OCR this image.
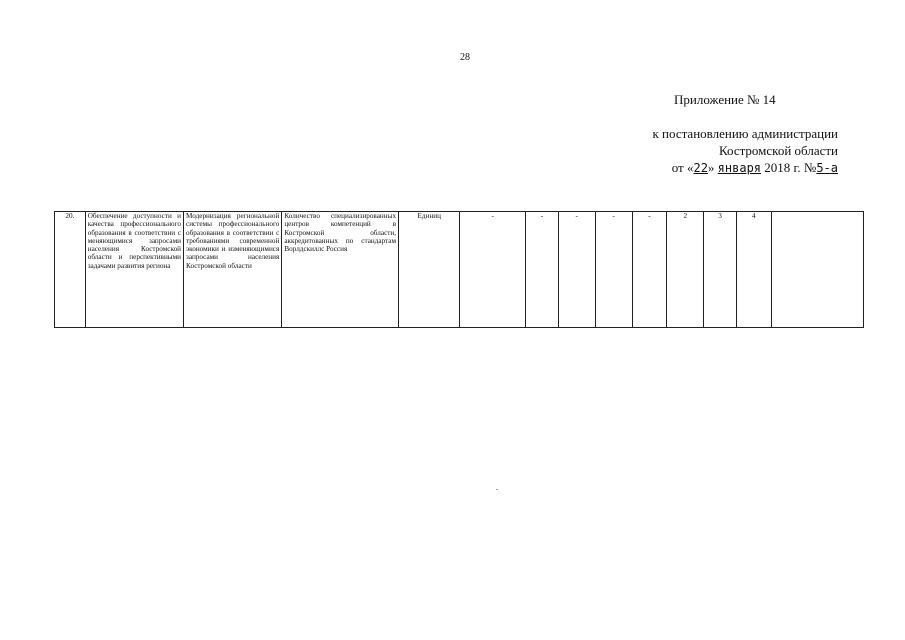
28
Приложение № 14
к постановлению администрации
Костромской области
от «22» января 2018 г. №5-а
20.	Обеспечение доступности и качества профессионального образования в соответствии с меняющимися запросами населения Костромской области и перспективными задачами развития региона	Модернизация региональной системы профессионального образования в соответствии с требованиями современной экономики и изменяющимися запросами населения Костромской области	Количество специализированных центров компетенций в Костромской области, аккредитованных по стандартам Ворлдскиллс Россия	Единиц	-	-	-	-	-	2	3	4	
